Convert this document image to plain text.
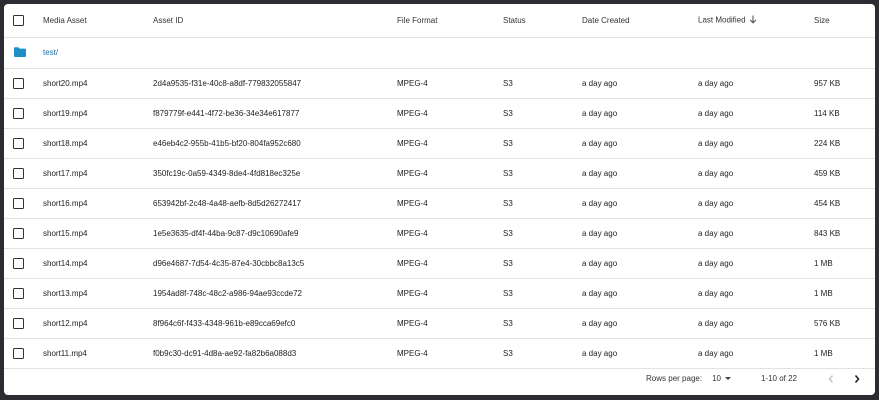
	Media Asset	Asset ID	File Format	Status	Date Created	Last Modified	Size
	test/						
	short20.mp4	2d4a9535-f31e-40c8-a8df-779832055847	MPEG-4	S3	a day ago	a day ago	957 KB
	short19.mp4	f879779f-e441-4f72-be36-34e34e617877	MPEG-4	S3	a day ago	a day ago	114 KB
	short18.mp4	e46eb4c2-955b-41b5-bf20-804fa952c680	MPEG-4	S3	a day ago	a day ago	224 KB
	short17.mp4	350fc19c-0a59-4349-8de4-4fd818ec325e	MPEG-4	S3	a day ago	a day ago	459 KB
	short16.mp4	653942bf-2c48-4a48-aefb-8d5d26272417	MPEG-4	S3	a day ago	a day ago	454 KB
	short15.mp4	1e5e3635-df4f-44ba-9c87-d9c10690afe9	MPEG-4	S3	a day ago	a day ago	843 KB
	short14.mp4	d96e4687-7d54-4c35-87e4-30cbbc8a13c5	MPEG-4	S3	a day ago	a day ago	1 MB
	short13.mp4	1954ad8f-748c-48c2-a986-94ae93ccde72	MPEG-4	S3	a day ago	a day ago	1 MB
	short12.mp4	8f964c6f-f433-4348-961b-e89cca69efc0	MPEG-4	S3	a day ago	a day ago	576 KB
	short11.mp4	f0b9c30-dc91-4d8a-ae92-fa82b6a088d3	MPEG-4	S3	a day ago	a day ago	1 MB
Rows per page: 10	1-10 of 22
